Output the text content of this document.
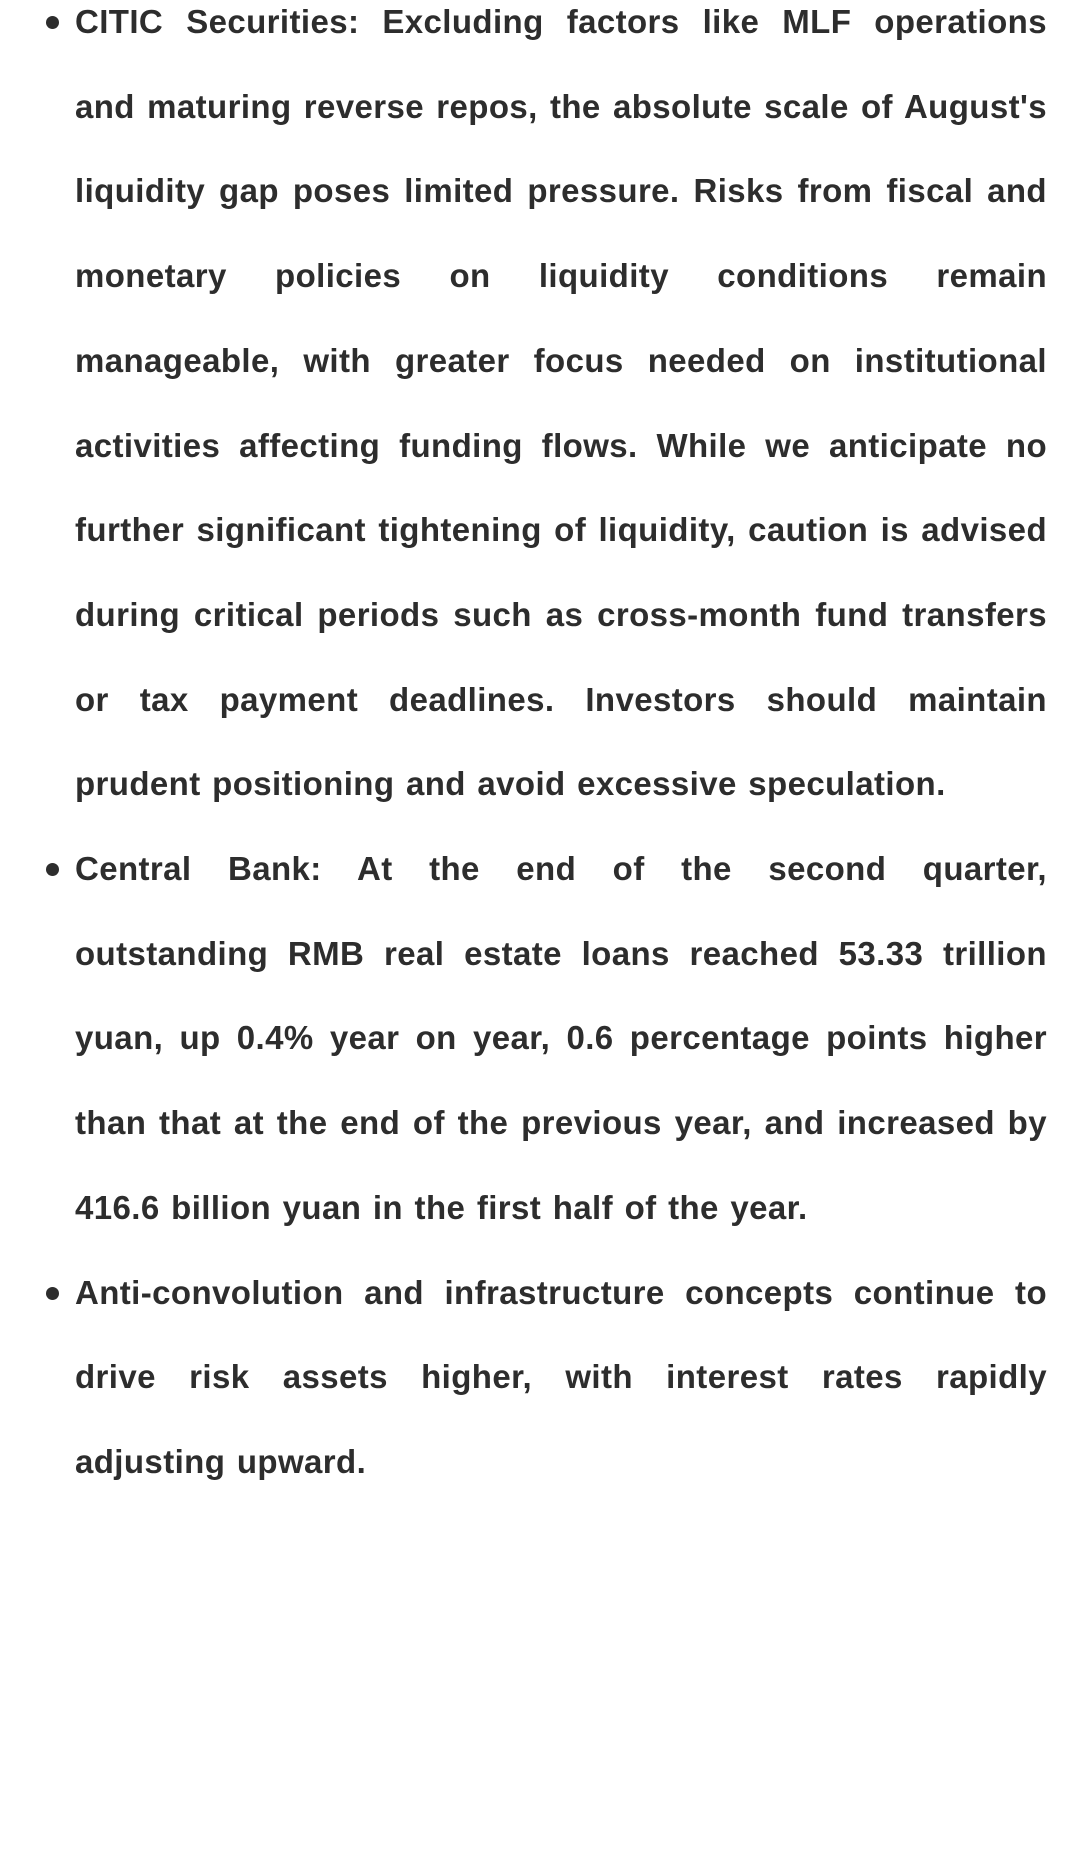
CITIC Securities: Excluding factors like MLF operations and maturing reverse repos, the absolute scale of August's liquidity gap poses limited pressure. Risks from fiscal and monetary policies on liquidity conditions remain manageable, with greater focus needed on institutional activities affecting funding flows. While we anticipate no further significant tightening of liquidity, caution is advised during critical periods such as cross-month fund transfers or tax payment deadlines. Investors should maintain prudent positioning and avoid excessive speculation.
Central Bank: At the end of the second quarter, outstanding RMB real estate loans reached 53.33 trillion yuan, up 0.4% year on year, 0.6 percentage points higher than that at the end of the previous year, and increased by 416.6 billion yuan in the first half of the year.
Anti-convolution and infrastructure concepts continue to drive risk assets higher, with interest rates rapidly adjusting upward.
